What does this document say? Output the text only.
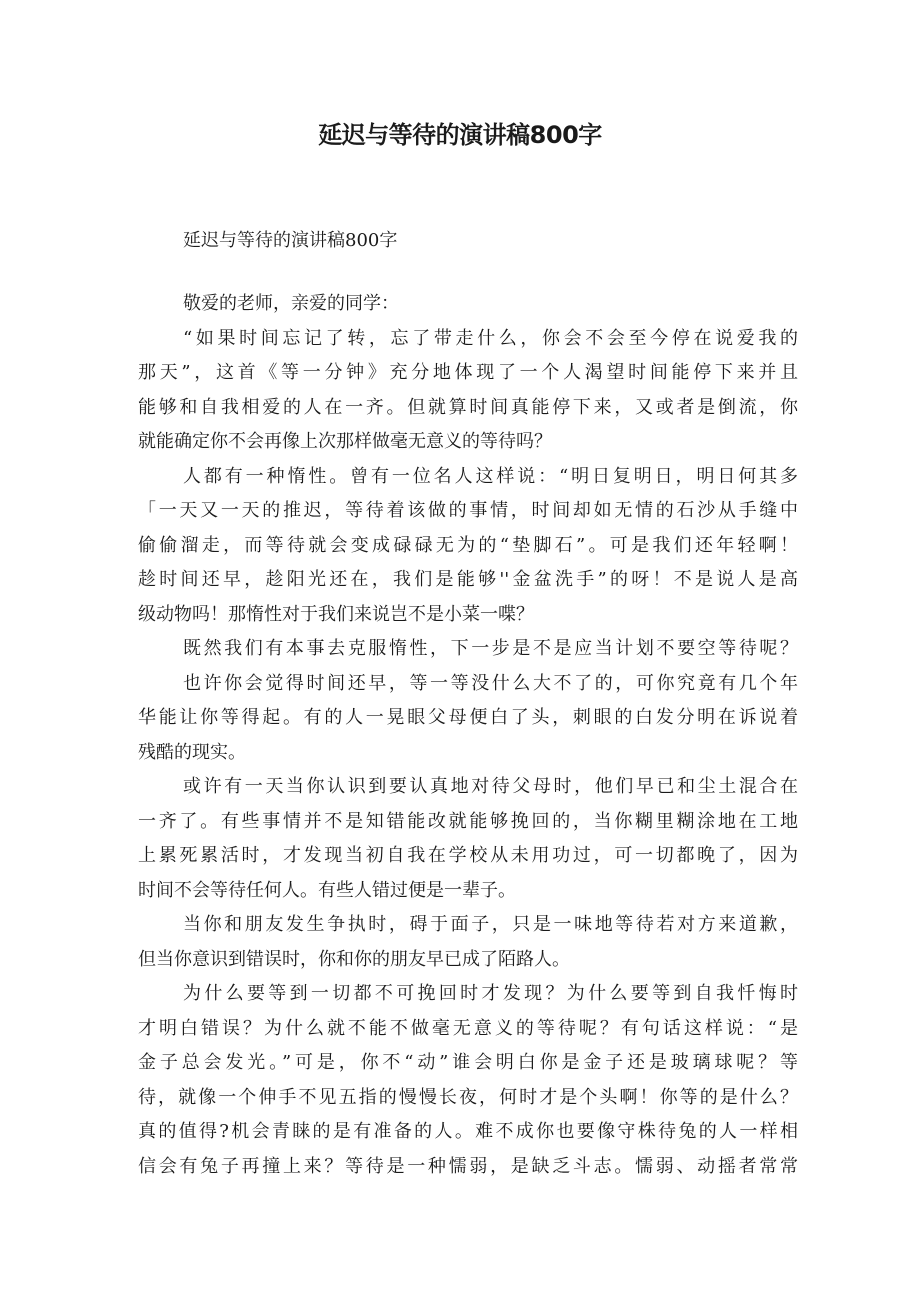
延迟与等待的演讲稿800字
延迟与等待的演讲稿800字
敬爱的老师，亲爱的同学：
“如果时间忘记了转，忘了带走什么，你会不会至今停在说爱我的
那天”，这首《等一分钟》充分地体现了一个人渴望时间能停下来并且
能够和自我相爱的人在一齐。但就算时间真能停下来，又或者是倒流，你
就能确定你不会再像上次那样做毫无意义的等待吗？
人都有一种惰性。曾有一位名人这样说：“明日复明日，明日何其多
「一天又一天的推迟，等待着该做的事情，时间却如无情的石沙从手缝中
偷偷溜走，而等待就会变成碌碌无为的“垫脚石”。可是我们还年轻啊！
趁时间还早，趁阳光还在，我们是能够''金盆洗手”的呀！不是说人是高
级动物吗！那惰性对于我们来说岂不是小菜一喋？
既然我们有本事去克服惰性，下一步是不是应当计划不要空等待呢？
也许你会觉得时间还早，等一等没什么大不了的，可你究竟有几个年
华能让你等得起。有的人一晃眼父母便白了头，刺眼的白发分明在诉说着
残酷的现实。
或许有一天当你认识到要认真地对待父母时，他们早已和尘土混合在
一齐了。有些事情并不是知错能改就能够挽回的，当你糊里糊涂地在工地
上累死累活时，才发现当初自我在学校从未用功过，可一切都晚了，因为
时间不会等待任何人。有些人错过便是一辈子。
当你和朋友发生争执时，碍于面子，只是一味地等待若对方来道歉，
但当你意识到错误时，你和你的朋友早已成了陌路人。
为什么要等到一切都不可挽回时才发现？为什么要等到自我忏悔时
才明白错误？为什么就不能不做毫无意义的等待呢？有句话这样说：“是
金子总会发光。”可是，你不“动”谁会明白你是金子还是玻璃球呢？等
待，就像一个伸手不见五指的慢慢长夜，何时才是个头啊！你等的是什么？
真的值得?机会青睐的是有准备的人。难不成你也要像守株待兔的人一样相
信会有兔子再撞上来？等待是一种懦弱，是缺乏斗志。懦弱、动摇者常常
